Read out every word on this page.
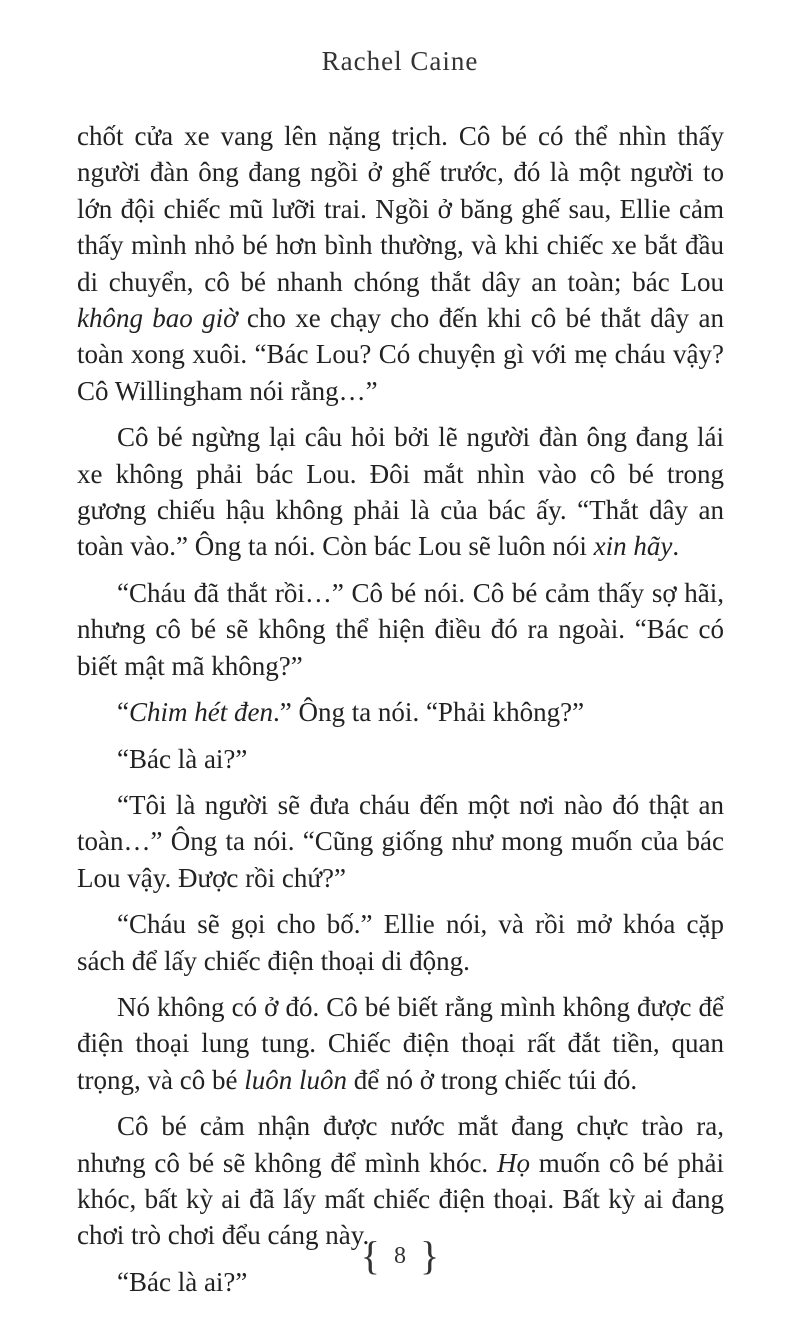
Rachel Caine

chốt cửa xe vang lên nặng trịch. Cô bé có thể nhìn thấy người đàn ông đang ngồi ở ghế trước, đó là một người to lớn đội chiếc mũ lưỡi trai. Ngồi ở băng ghế sau, Ellie cảm thấy mình nhỏ bé hơn bình thường, và khi chiếc xe bắt đầu di chuyển, cô bé nhanh chóng thắt dây an toàn; bác Lou không bao giờ cho xe chạy cho đến khi cô bé thắt dây an toàn xong xuôi. “Bác Lou? Có chuyện gì với mẹ cháu vậy? Cô Willingham nói rằng…”

Cô bé ngừng lại câu hỏi bởi lẽ người đàn ông đang lái xe không phải bác Lou. Đôi mắt nhìn vào cô bé trong gương chiếu hậu không phải là của bác ấy. “Thắt dây an toàn vào.” Ông ta nói. Còn bác Lou sẽ luôn nói xin hãy.

“Cháu đã thắt rồi…” Cô bé nói. Cô bé cảm thấy sợ hãi, nhưng cô bé sẽ không thể hiện điều đó ra ngoài. “Bác có biết mật mã không?”

“Chim hét đen.” Ông ta nói. “Phải không?”

“Bác là ai?”

“Tôi là người sẽ đưa cháu đến một nơi nào đó thật an toàn…” Ông ta nói. “Cũng giống như mong muốn của bác Lou vậy. Được rồi chứ?”

“Cháu sẽ gọi cho bố.” Ellie nói, và rồi mở khóa cặp sách để lấy chiếc điện thoại di động.

Nó không có ở đó. Cô bé biết rằng mình không được để điện thoại lung tung. Chiếc điện thoại rất đắt tiền, quan trọng, và cô bé luôn luôn để nó ở trong chiếc túi đó.

Cô bé cảm nhận được nước mắt đang chực trào ra, nhưng cô bé sẽ không để mình khóc. Họ muốn cô bé phải khóc, bất kỳ ai đã lấy mất chiếc điện thoại. Bất kỳ ai đang chơi trò chơi đểu cáng này.

“Bác là ai?”

{ 8 }
